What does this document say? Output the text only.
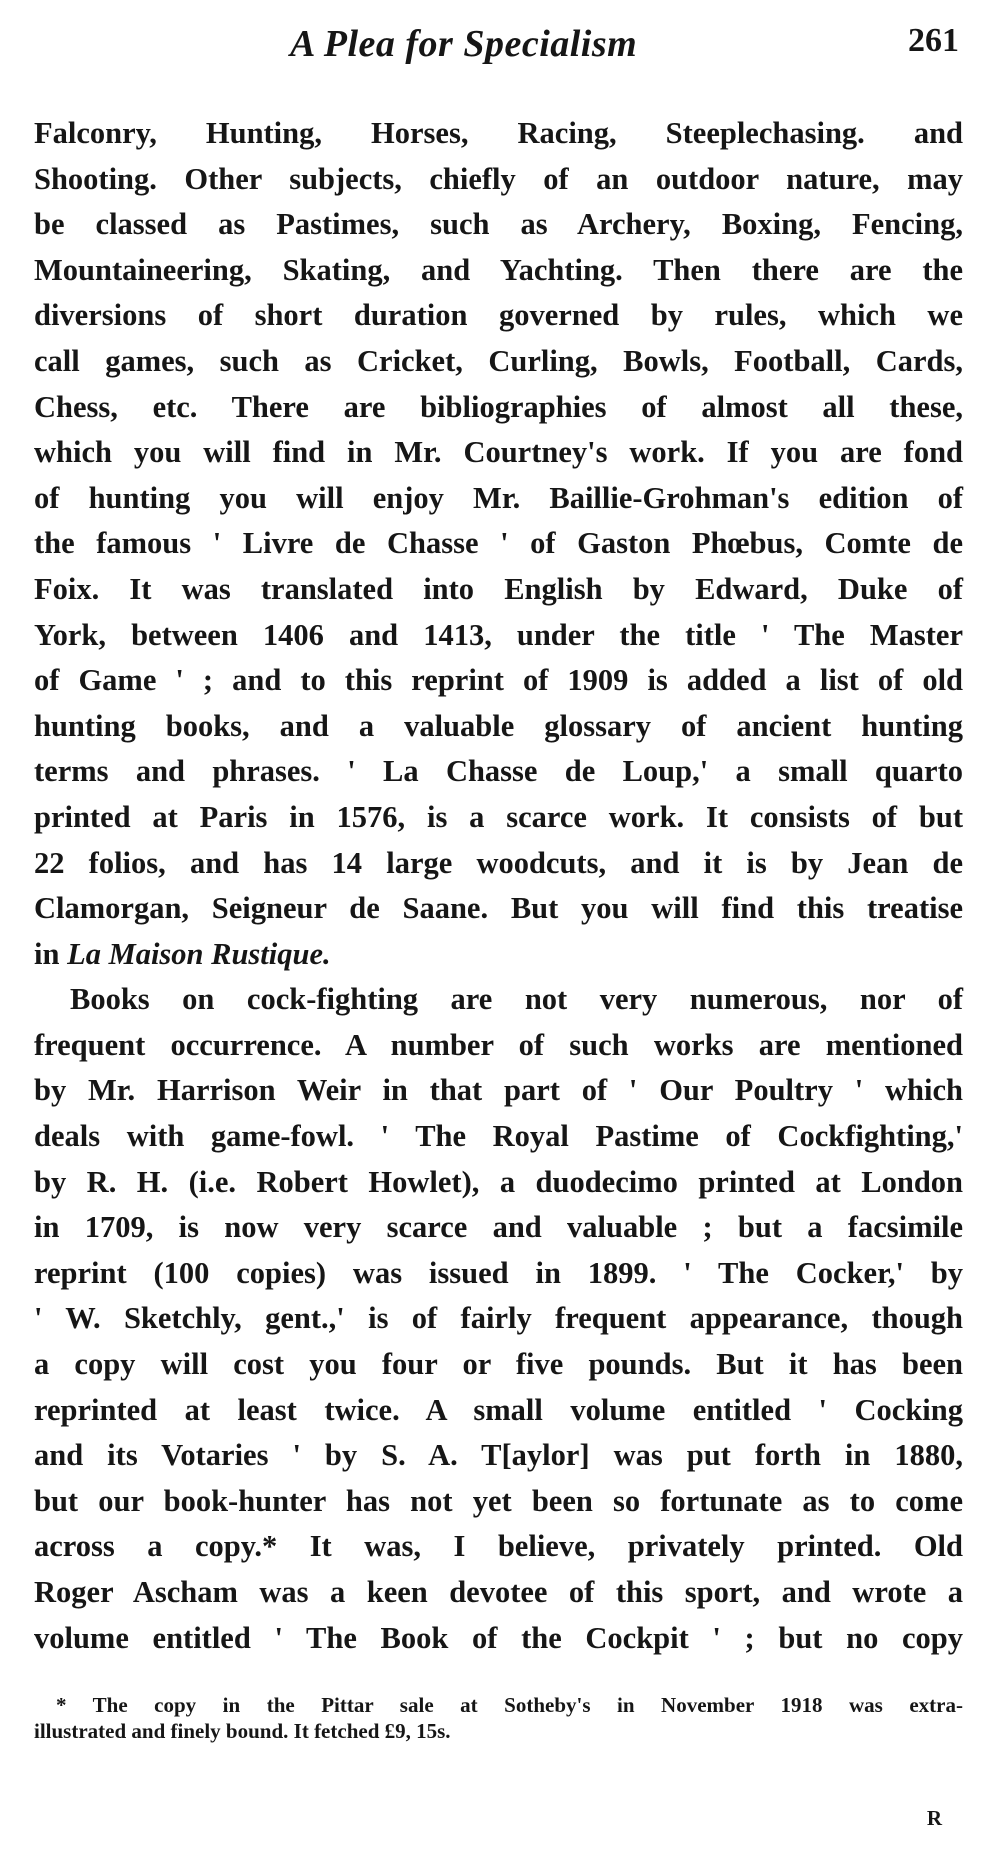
A Plea for Specialism	261
Falconry, Hunting, Horses, Racing, Steeplechasing. and
Shooting. Other subjects, chiefly of an outdoor nature, may
be classed as Pastimes, such as Archery, Boxing, Fencing,
Mountaineering, Skating, and Yachting. Then there are the
diversions of short duration governed by rules, which we
call games, such as Cricket, Curling, Bowls, Football, Cards,
Chess, etc. There are bibliographies of almost all these,
which you will find in Mr. Courtney's work. If you are fond
of hunting you will enjoy Mr. Baillie-Grohman's edition of
the famous ' Livre de Chasse ' of Gaston Phœbus, Comte de
Foix. It was translated into English by Edward, Duke of
York, between 1406 and 1413, under the title ' The Master
of Game ' ; and to this reprint of 1909 is added a list of old
hunting books, and a valuable glossary of ancient hunting
terms and phrases. ' La Chasse de Loup,' a small quarto
printed at Paris in 1576, is a scarce work. It consists of but
22 folios, and has 14 large woodcuts, and it is by Jean de
Clamorgan, Seigneur de Saane. But you will find this treatise
in La Maison Rustique.
Books on cock-fighting are not very numerous, nor of
frequent occurrence. A number of such works are mentioned
by Mr. Harrison Weir in that part of ' Our Poultry ' which
deals with game-fowl. ' The Royal Pastime of Cockfighting,'
by R. H. (i.e. Robert Howlet), a duodecimo printed at London
in 1709, is now very scarce and valuable ; but a facsimile
reprint (100 copies) was issued in 1899. ' The Cocker,' by
' W. Sketchly, gent.,' is of fairly frequent appearance, though
a copy will cost you four or five pounds. But it has been
reprinted at least twice. A small volume entitled ' Cocking
and its Votaries ' by S. A. T[aylor] was put forth in 1880,
but our book-hunter has not yet been so fortunate as to come
across a copy.* It was, I believe, privately printed. Old
Roger Ascham was a keen devotee of this sport, and wrote a
volume entitled ' The Book of the Cockpit ' ; but no copy
* The copy in the Pittar sale at Sotheby's in November 1918 was extra-
illustrated and finely bound. It fetched £9, 15s.
R
